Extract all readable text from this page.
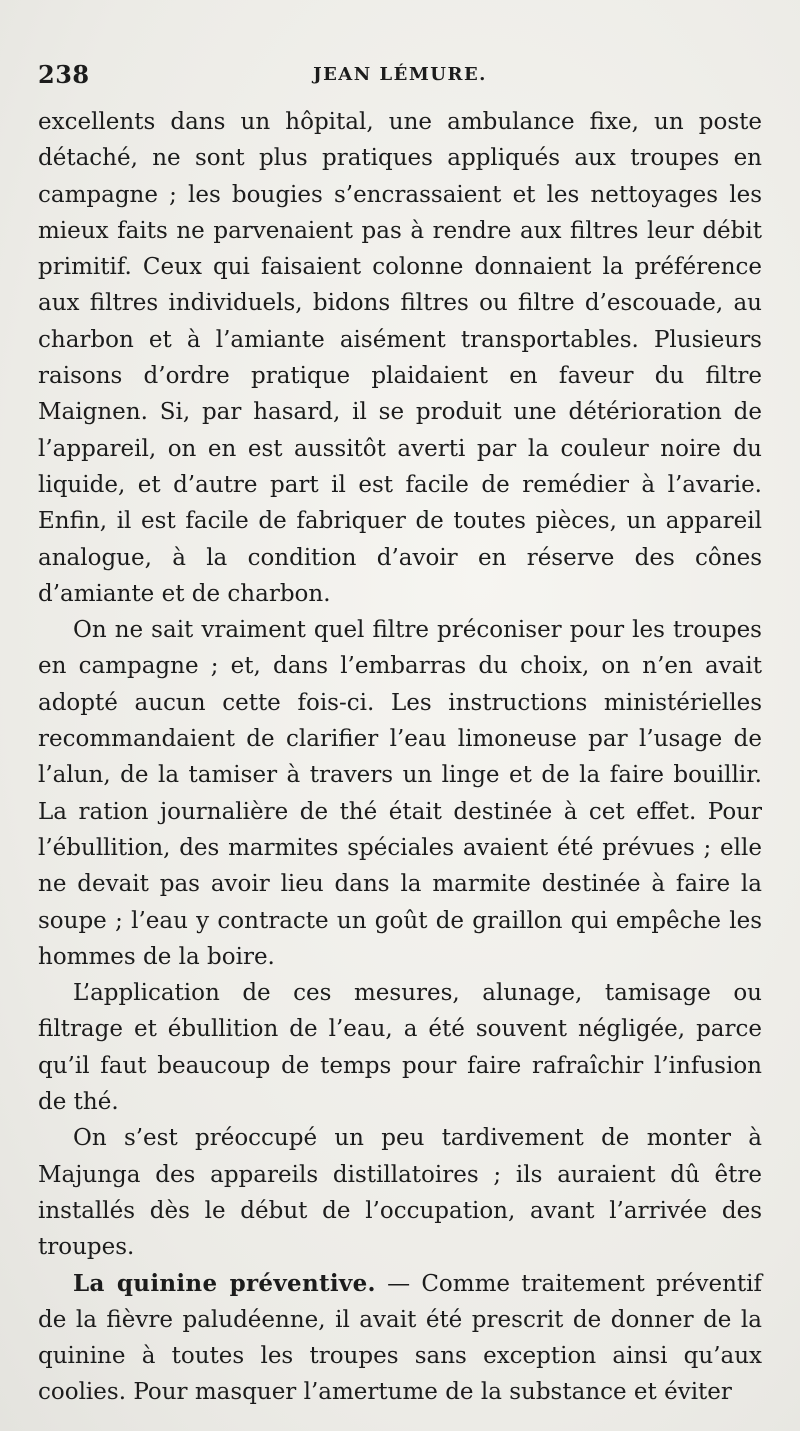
238	JEAN LÉMURE.

excellents dans un hôpital, une ambulance fixe, un poste détaché, ne sont plus pratiques appliqués aux troupes en campagne ; les bougies s’encrassaient et les nettoyages les mieux faits ne parvenaient pas à rendre aux filtres leur débit primitif. Ceux qui faisaient colonne donnaient la préférence aux filtres individuels, bidons filtres ou filtre d’escouade, au charbon et à l’amiante aisément transportables. Plusieurs raisons d’ordre pratique plaidaient en faveur du filtre Maignen. Si, par hasard, il se produit une détérioration de l’appareil, on en est aussitôt averti par la couleur noire du liquide, et d’autre part il est facile de remédier à l’avarie. Enfin, il est facile de fabriquer de toutes pièces, un appareil analogue, à la condition d’avoir en réserve des cônes d’amiante et de charbon.

On ne sait vraiment quel filtre préconiser pour les troupes en campagne ; et, dans l’embarras du choix, on n’en avait adopté aucun cette fois-ci. Les instructions ministérielles recommandaient de clarifier l’eau limoneuse par l’usage de l’alun, de la tamiser à travers un linge et de la faire bouillir. La ration journalière de thé était destinée à cet effet. Pour l’ébullition, des marmites spéciales avaient été prévues ; elle ne devait pas avoir lieu dans la marmite destinée à faire la soupe ; l’eau y contracte un goût de graillon qui empêche les hommes de la boire.

L’application de ces mesures, alunage, tamisage ou filtrage et ébullition de l’eau, a été souvent négligée, parce qu’il faut beaucoup de temps pour faire rafraîchir l’infusion de thé.

On s’est préoccupé un peu tardivement de monter à Majunga des appareils distillatoires ; ils auraient dû être installés dès le début de l’occupation, avant l’arrivée des troupes.

La quinine préventive. — Comme traitement préventif de la fièvre paludéenne, il avait été prescrit de donner de la quinine à toutes les troupes sans exception ainsi qu’aux coolies. Pour masquer l’amertume de la substance et éviter
